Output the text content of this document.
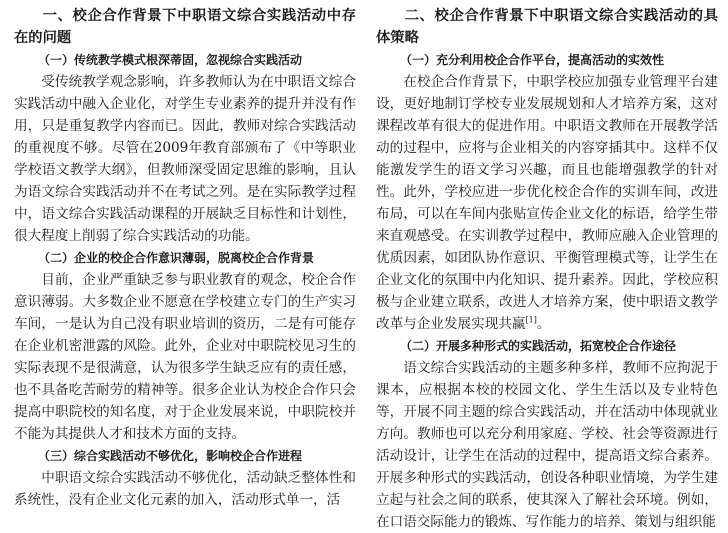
一、校企合作背景下中职语文综合实践活动中存在的问题

（一）传统教学模式根深蒂固，忽视综合实践活动

受传统教学观念影响，许多教师认为在中职语文综合实践活动中融入企业化，对学生专业素养的提升并没有作用，只是重复教学内容而已。因此，教师对综合实践活动的重视度不够。尽管在2009年教育部颁布了《中等职业学校语文教学大纲》，但教师深受固定思维的影响，且认为语文综合实践活动并不在考试之列。是在实际教学过程中，语文综合实践活动课程的开展缺乏目标性和计划性，很大程度上削弱了综合实践活动的功能。

（二）企业的校企合作意识薄弱，脱离校企合作背景

目前，企业严重缺乏参与职业教育的观念，校企合作意识薄弱。大多数企业不愿意在学校建立专门的生产实习车间，一是认为自己没有职业培训的资历，二是有可能存在企业机密泄露的风险。此外，企业对中职院校见习生的实际表现不是很满意，认为很多学生缺乏应有的责任感，也不具备吃苦耐劳的精神等。很多企业认为校企合作只会提高中职院校的知名度，对于企业发展来说，中职院校并不能为其提供人才和技术方面的支持。

（三）综合实践活动不够优化，影响校企合作进程

中职语文综合实践活动不够优化，活动缺乏整体性和系统性，没有企业文化元素的加入，活动形式单一，活

二、校企合作背景下中职语文综合实践活动的具体策略

（一）充分利用校企合作平台，提高活动的实效性

在校企合作背景下，中职学校应加强专业管理平台建设，更好地制订学校专业发展规划和人才培养方案，这对课程改革有很大的促进作用。中职语文教师在开展教学活动的过程中，应将与企业相关的内容穿插其中。这样不仅能激发学生的语文学习兴趣，而且也能增强教学的针对性。此外，学校应进一步优化校企合作的实训车间，改进布局，可以在车间内张贴宣传企业文化的标语，给学生带来直观感受。在实训教学过程中，教师应融入企业管理的优质因素，如团队协作意识、平衡管理模式等，让学生在企业文化的氛围中内化知识、提升素养。因此，学校应积极与企业建立联系，改进人才培养方案，使中职语文教学改革与企业发展实现共赢[1]。

（二）开展多种形式的实践活动，拓宽校企合作途径

语文综合实践活动的主题多种多样，教师不应拘泥于课本，应根据本校的校园文化、学生生活以及专业特色等，开展不同主题的综合实践活动，并在活动中体现就业方向。教师也可以充分利用家庭、学校、社会等资源进行活动设计，让学生在活动的过程中，提高语文综合素养。开展多种形式的实践活动，创设各种职业情境，为学生建立起与社会之间的联系，使其深入了解社会环境。例如，在口语交际能力的锻炼、写作能力的培养、策划与组织能
